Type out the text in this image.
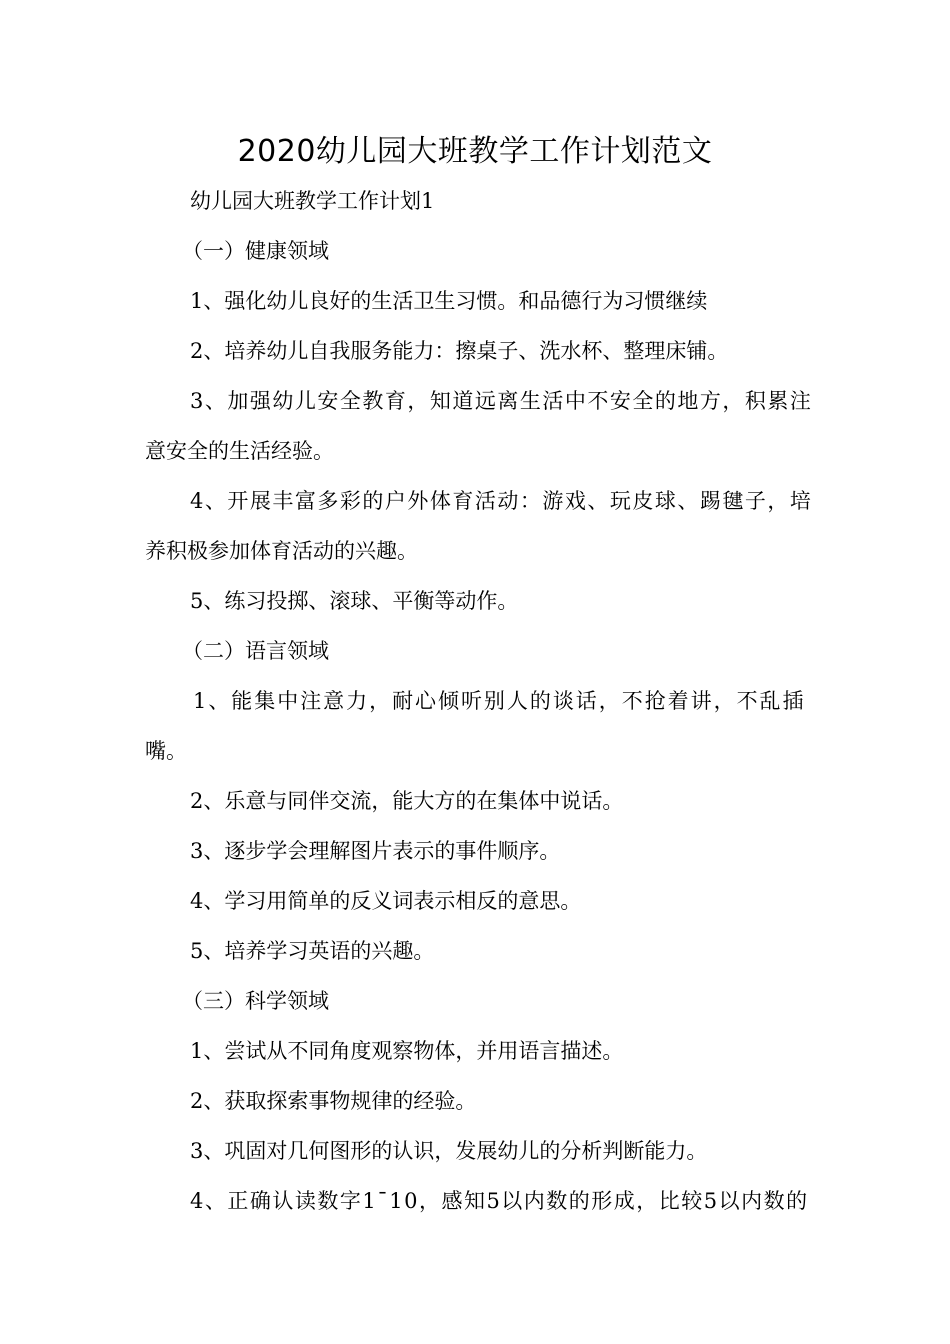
2020幼儿园大班教学工作计划范文
幼儿园大班教学工作计划1
（一）健康领域
1、强化幼儿良好的生活卫生习惯。和品德行为习惯继续
2、培养幼儿自我服务能力：擦桌子、洗水杯、整理床铺。
3、加强幼儿安全教育，知道远离生活中不安全的地方，积累注
意安全的生活经验。
4、开展丰富多彩的户外体育活动：游戏、玩皮球、踢毽子，培
养积极参加体育活动的兴趣。
5、练习投掷、滚球、平衡等动作。
（二）语言领域
1、能集中注意力，耐心倾听别人的谈话，不抢着讲，不乱插
嘴。
2、乐意与同伴交流，能大方的在集体中说话。
3、逐步学会理解图片表示的事件顺序。
4、学习用简单的反义词表示相反的意思。
5、培养学习英语的兴趣。
（三）科学领域
1、尝试从不同角度观察物体，并用语言描述。
2、获取探索事物规律的经验。
3、巩固对几何图形的认识，发展幼儿的分析判断能力。
4、正确认读数字1¯10，感知5以内数的形成，比较5以内数的
